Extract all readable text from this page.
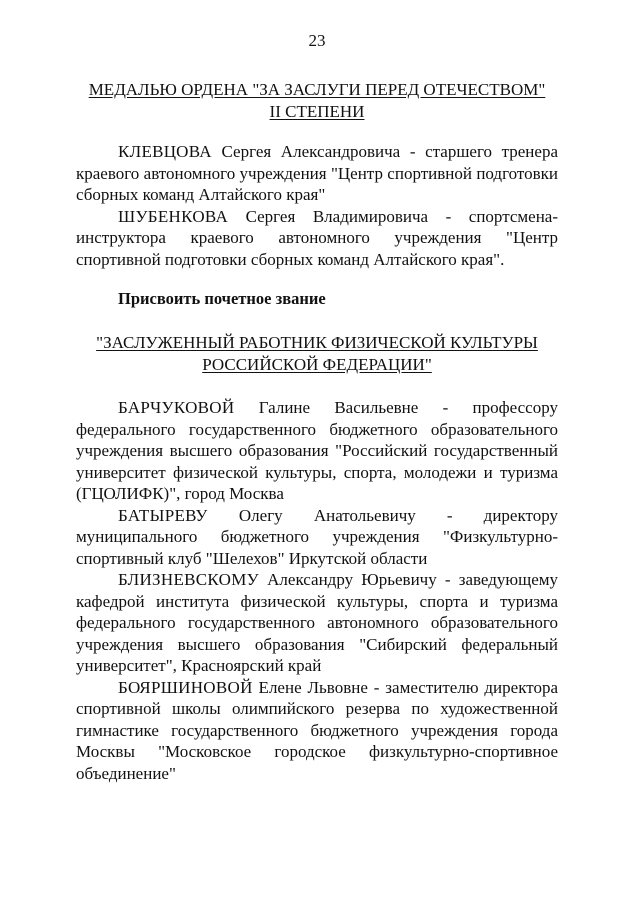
23

МЕДАЛЬЮ ОРДЕНА "ЗА ЗАСЛУГИ ПЕРЕД ОТЕЧЕСТВОМ"

II СТЕПЕНИ

КЛЕВЦОВА Сергея Александровича - старшего тренера краевого автономного учреждения "Центр спортивной подготовки сборных команд Алтайского края"

ШУБЕНКОВА Сергея Владимировича - спортсмена-инструктора краевого автономного учреждения "Центр спортивной подготовки сборных команд Алтайского края".

Присвоить почетное звание

"ЗАСЛУЖЕННЫЙ РАБОТНИК ФИЗИЧЕСКОЙ КУЛЬТУРЫ

РОССИЙСКОЙ ФЕДЕРАЦИИ"

БАРЧУКОВОЙ Галине Васильевне - профессору федерального государственного бюджетного образовательного учреждения высшего образования "Российский государственный университет физической культуры, спорта, молодежи и туризма (ГЦОЛИФК)", город Москва

БАТЫРЕВУ Олегу Анатольевичу - директору муниципального бюджетного учреждения "Физкультурно-спортивный клуб "Шелехов" Иркутской области

БЛИЗНЕВСКОМУ Александру Юрьевичу - заведующему кафедрой института физической культуры, спорта и туризма федерального государственного автономного образовательного учреждения высшего образования "Сибирский федеральный университет", Красноярский край

БОЯРШИНОВОЙ Елене Львовне - заместителю директора спортивной школы олимпийского резерва по художественной гимнастике государственного бюджетного учреждения города Москвы "Московское городское физкультурно-спортивное объединение"
